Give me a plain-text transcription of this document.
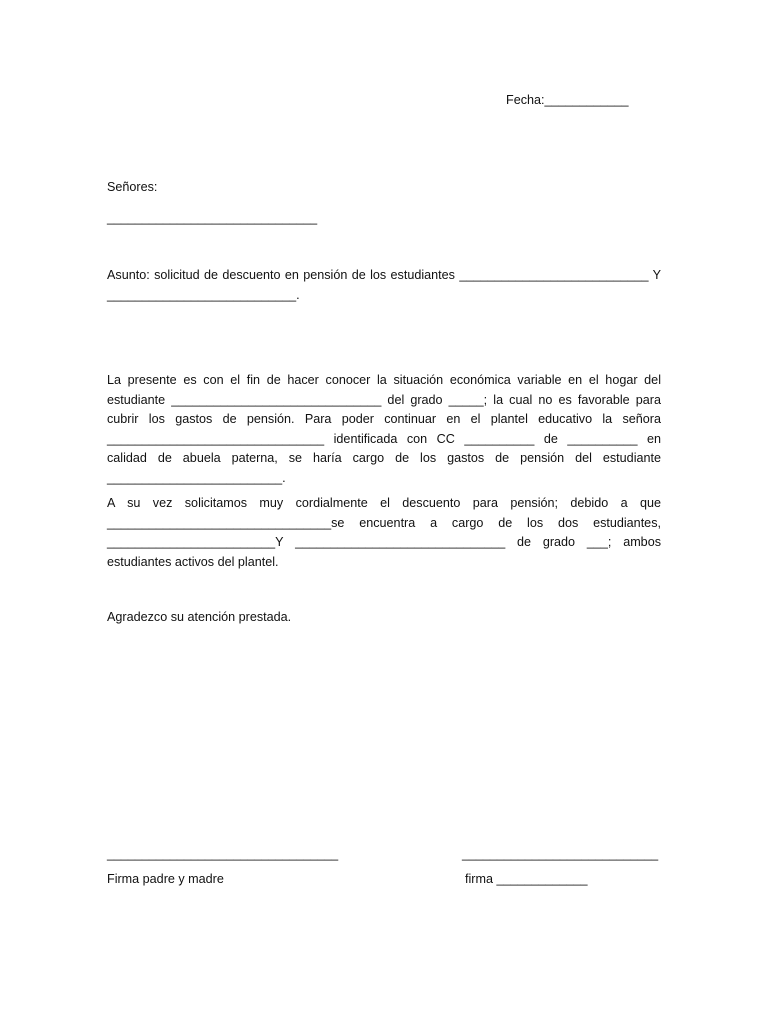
Fecha:____________
Señores:
______________________________
Asunto: solicitud de descuento en pensión de los estudiantes ___________________________ Y ___________________________.
La presente es con el fin de hacer conocer la situación económica variable en el hogar del estudiante ______________________________ del grado _____; la cual no es favorable para cubrir los gastos de pensión. Para poder continuar en el plantel educativo la señora _______________________________ identificada con CC __________ de __________ en calidad de abuela paterna, se haría cargo de los gastos de pensión del estudiante _________________________.
A su vez solicitamos muy cordialmente el descuento para pensión; debido a que ________________________________se encuentra a cargo de los dos estudiantes, ________________________Y ______________________________ de grado ___; ambos estudiantes activos del plantel.
Agradezco su atención prestada.
_________________________________
Firma padre y madre
____________________________
firma _____________
